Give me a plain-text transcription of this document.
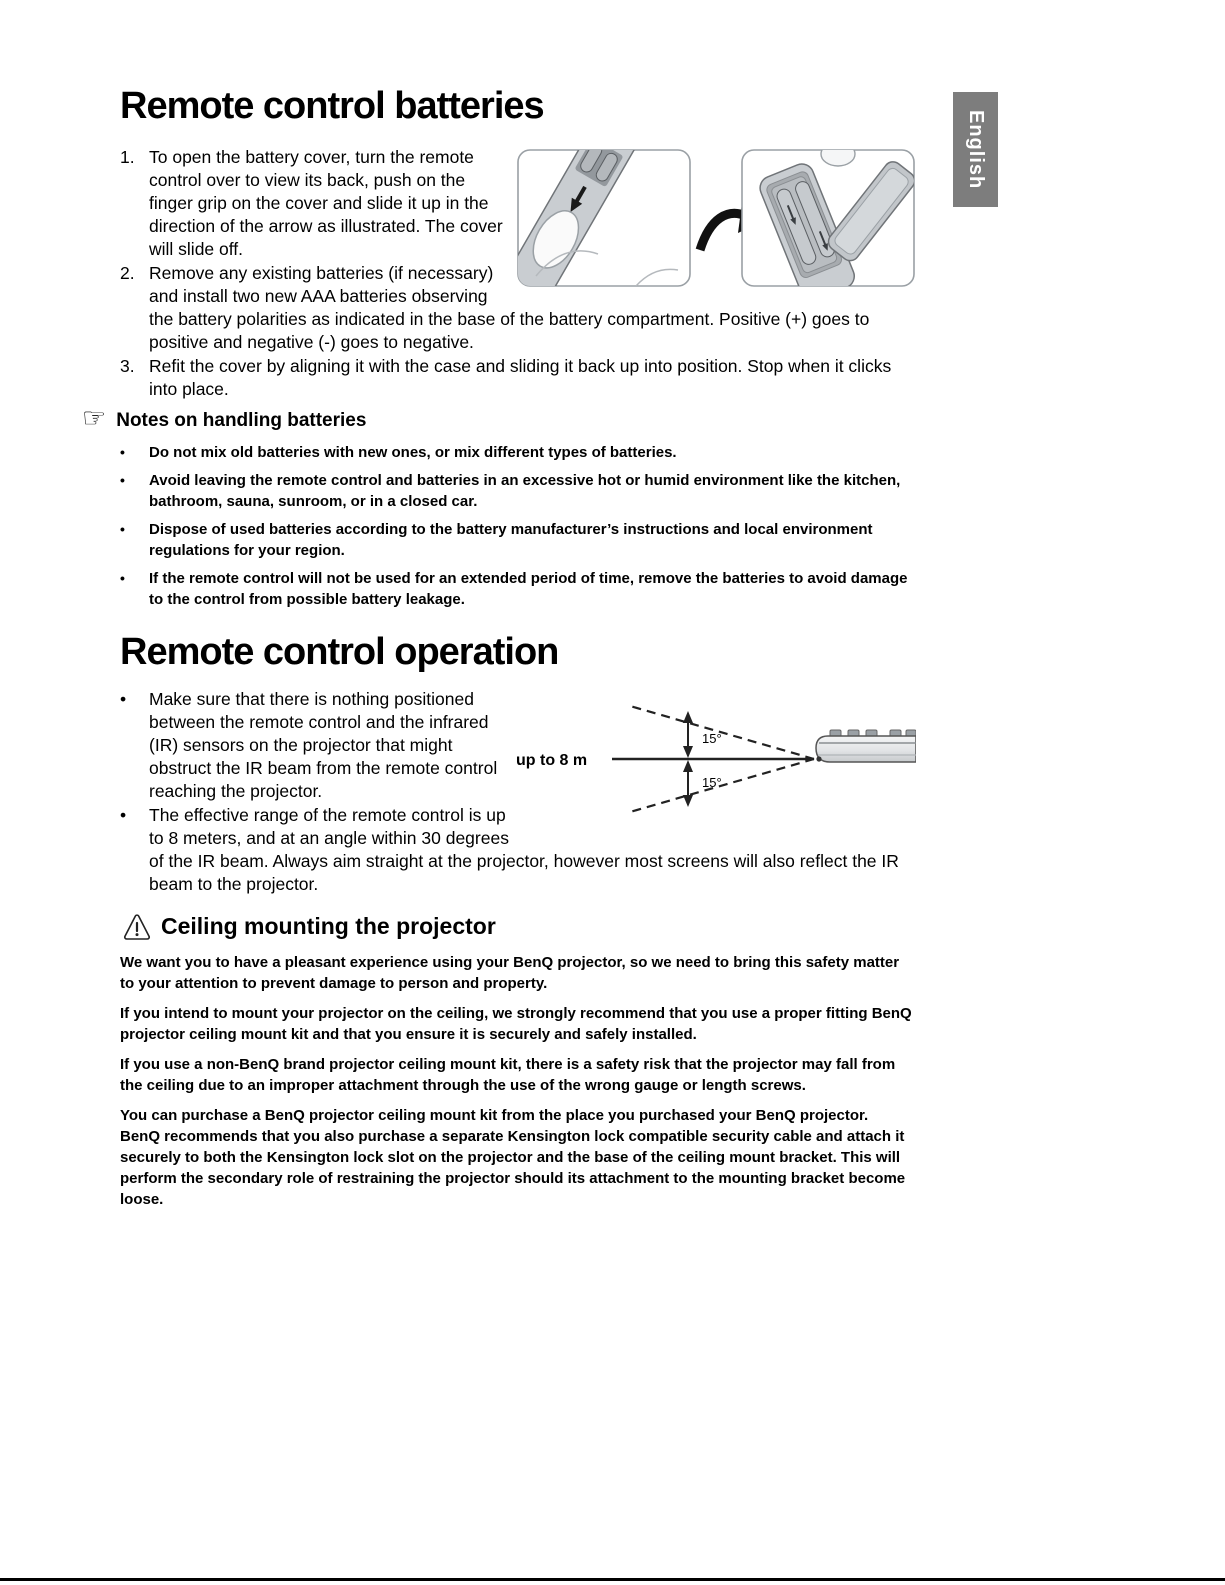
English
Remote control batteries
1. To open the battery cover, turn the remote control over to view its back, push on the finger grip on the cover and slide it up in the direction of the arrow as illustrated. The cover will slide off.
2. Remove any existing batteries (if necessary) and install two new AAA batteries observing the battery polarities as indicated in the base of the battery compartment. Positive (+) goes to positive and negative (-) goes to negative.
3. Refit the cover by aligning it with the case and sliding it back up into position. Stop when it clicks into place.
☞ Notes on handling batteries
• Do not mix old batteries with new ones, or mix different types of batteries.
• Avoid leaving the remote control and batteries in an excessive hot or humid environment like the kitchen, bathroom, sauna, sunroom, or in a closed car.
• Dispose of used batteries according to the battery manufacturer’s instructions and local environment regulations for your region.
• If the remote control will not be used for an extended period of time, remove the batteries to avoid damage to the control from possible battery leakage.
Remote control operation
up to 8 m
15°
15°
• Make sure that there is nothing positioned between the remote control and the infrared (IR) sensors on the projector that might obstruct the IR beam from the remote control reaching the projector.
• The effective range of the remote control is up to 8 meters, and at an angle within 30 degrees of the IR beam. Always aim straight at the projector, however most screens will also reflect the IR beam to the projector.
Ceiling mounting the projector

We want you to have a pleasant experience using your BenQ projector, so we need to bring this safety matter to your attention to prevent damage to person and property.

If you intend to mount your projector on the ceiling, we strongly recommend that you use a proper fitting BenQ projector ceiling mount kit and that you ensure it is securely and safely installed.

If you use a non-BenQ brand projector ceiling mount kit, there is a safety risk that the projector may fall from the ceiling due to an improper attachment through the use of the wrong gauge or length screws.

You can purchase a BenQ projector ceiling mount kit from the place you purchased your BenQ projector. BenQ recommends that you also purchase a separate Kensington lock compatible security cable and attach it securely to both the Kensington lock slot on the projector and the base of the ceiling mount bracket. This will perform the secondary role of restraining the projector should its attachment to the mounting bracket become loose.
